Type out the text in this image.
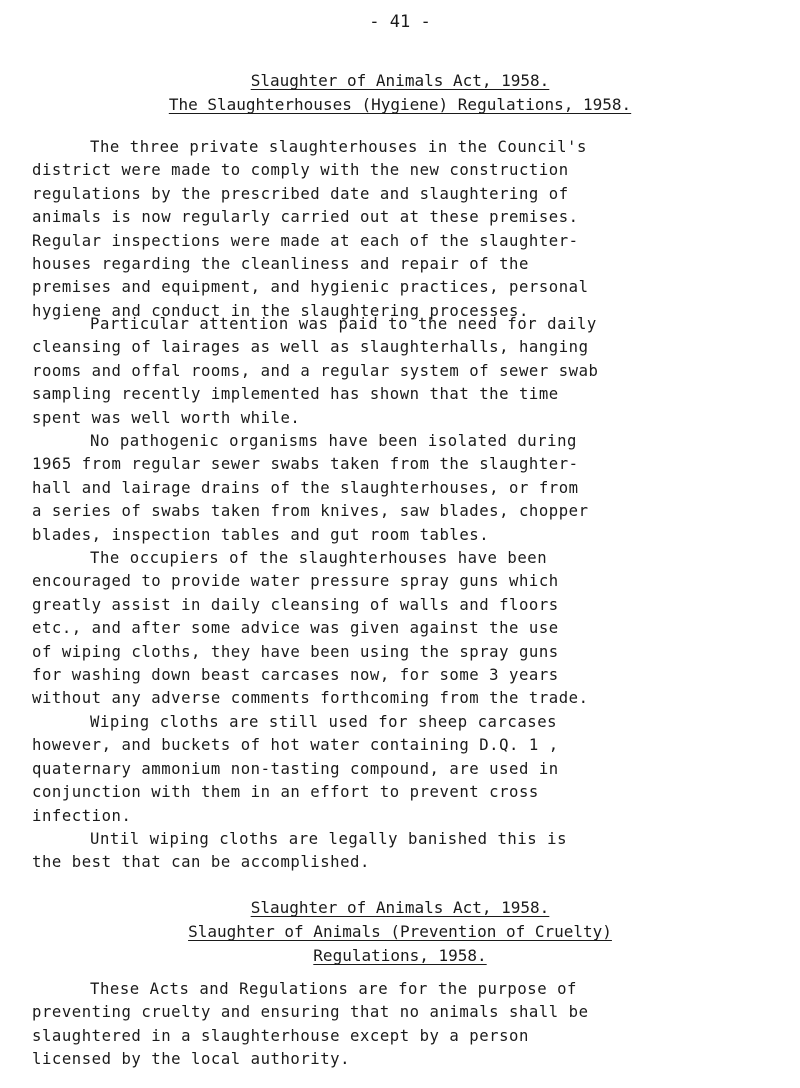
- 41 -
Slaughter of Animals Act, 1958.
The Slaughterhouses (Hygiene) Regulations, 1958.
The three private slaughterhouses in the Council's
district were made to comply with the new construction
regulations by the prescribed date and slaughtering of
animals is now regularly carried out at these premises.
Regular inspections were made at each of the slaughter-
houses regarding the cleanliness and repair of the
premises and equipment, and hygienic practices, personal
hygiene and conduct in the slaughtering processes.
Particular attention was paid to the need for daily
cleansing of lairages as well as slaughterhalls, hanging
rooms and offal rooms, and a regular system of sewer swab
sampling recently implemented has shown that the time
spent was well worth while.
No pathogenic organisms have been isolated during
1965 from regular sewer swabs taken from the slaughter-
hall and lairage drains of the slaughterhouses, or from
a series of swabs taken from knives, saw blades, chopper
blades, inspection tables and gut room tables.
The occupiers of the slaughterhouses have been
encouraged to provide water pressure spray guns which
greatly assist in daily cleansing of walls and floors
etc., and after some advice was given against the use
of wiping cloths, they have been using the spray guns
for washing down beast carcases now, for some 3 years
without any adverse comments forthcoming from the trade.
Wiping cloths are still used for sheep carcases
however, and buckets of hot water containing D.Q. 1 ,
quaternary ammonium non-tasting compound, are used in
conjunction with them in an effort to prevent cross
infection.
Until wiping cloths are legally banished this is
the best that can be accomplished.
Slaughter of Animals Act, 1958.
Slaughter of Animals (Prevention of Cruelty)
Regulations, 1958.
These Acts and Regulations are for the purpose of
preventing cruelty and ensuring that no animals shall be
slaughtered in a slaughterhouse except by a person
licensed by the local authority.
